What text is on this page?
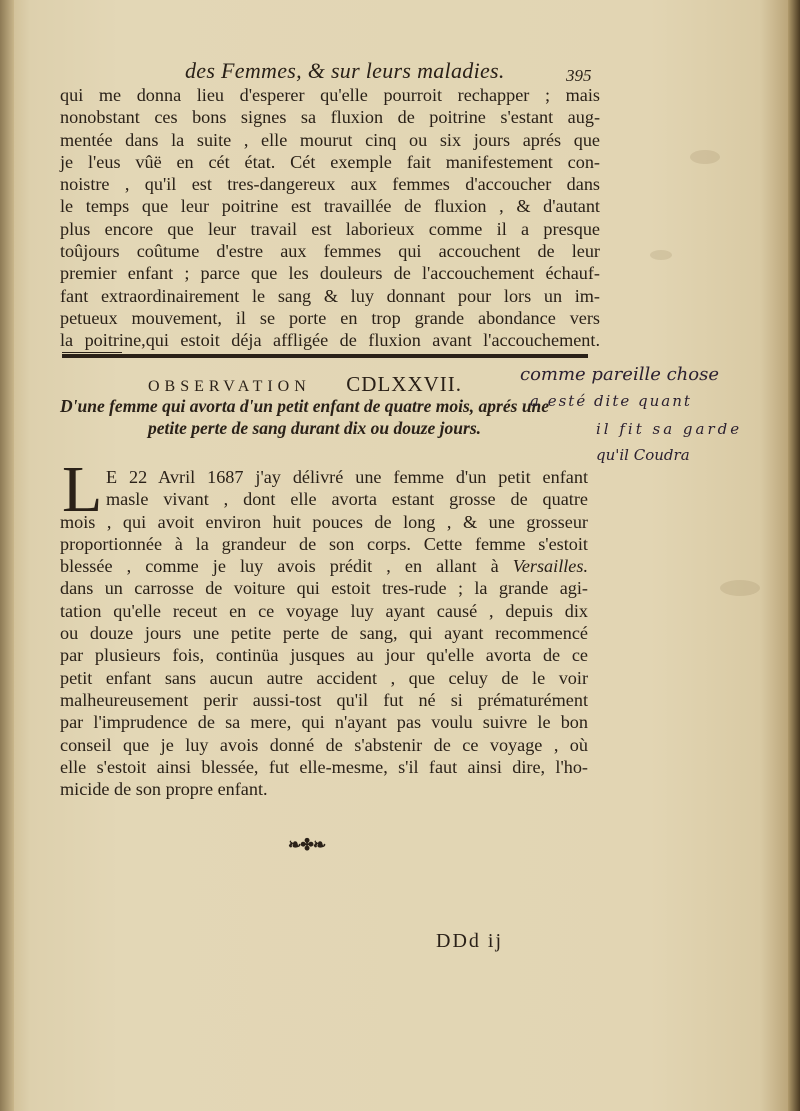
des Femmes, & sur leurs maladies.	395
qui me donna lieu d'esperer qu'elle pourroit rechapper ; mais
nonobstant ces bons signes sa fluxion de poitrine s'estant aug-
mentée dans la suite , elle mourut cinq ou six jours aprés que
je l'eus vûë en cét état. Cét exemple fait manifestement con-
noistre , qu'il est tres-dangereux aux femmes d'accoucher dans
le temps que leur poitrine est travaillée de fluxion , & d'autant
plus encore que leur travail est laborieux comme il a presque
toûjours coûtume d'estre aux femmes qui accouchent de leur
premier enfant ; parce que les douleurs de l'accouchement échauf-
fant extraordinairement le sang & luy donnant pour lors un im-
petueux mouvement, il se porte en trop grande abondance vers
la poitrine,qui estoit déja affligée de fluxion avant l'accouchement.
OBSERVATION CDLXXVII.
D'une femme qui avorta d'un petit enfant de quatre mois, aprés une
petite perte de sang durant dix ou douze jours.
L E 22 Avril 1687 j'ay délivré une femme d'un petit enfant
masle vivant , dont elle avorta estant grosse de quatre
mois , qui avoit environ huit pouces de long , & une grosseur
proportionnée à la grandeur de son corps. Cette femme s'estoit
blessée , comme je luy avois prédit , en allant à Versailles.
dans un carrosse de voiture qui estoit tres-rude ; la grande agi-
tation qu'elle receut en ce voyage luy ayant causé , depuis dix
ou douze jours une petite perte de sang, qui ayant recommencé
par plusieurs fois, continüa jusques au jour qu'elle avorta de ce
petit enfant sans aucun autre accident , que celuy de le voir
malheureusement perir aussi-tost qu'il fut né si prématurément
par l'imprudence de sa mere, qui n'ayant pas voulu suivre le bon
conseil que je luy avois donné de s'abstenir de ce voyage , où
elle s'estoit ainsi blessée, fut elle-mesme, s'il faut ainsi dire, l'ho-
micide de son propre enfant.
❧✤❧
DDd ij
comme pareille chose
a esté dite quant
il fit sa garde
qu'il Coudra
